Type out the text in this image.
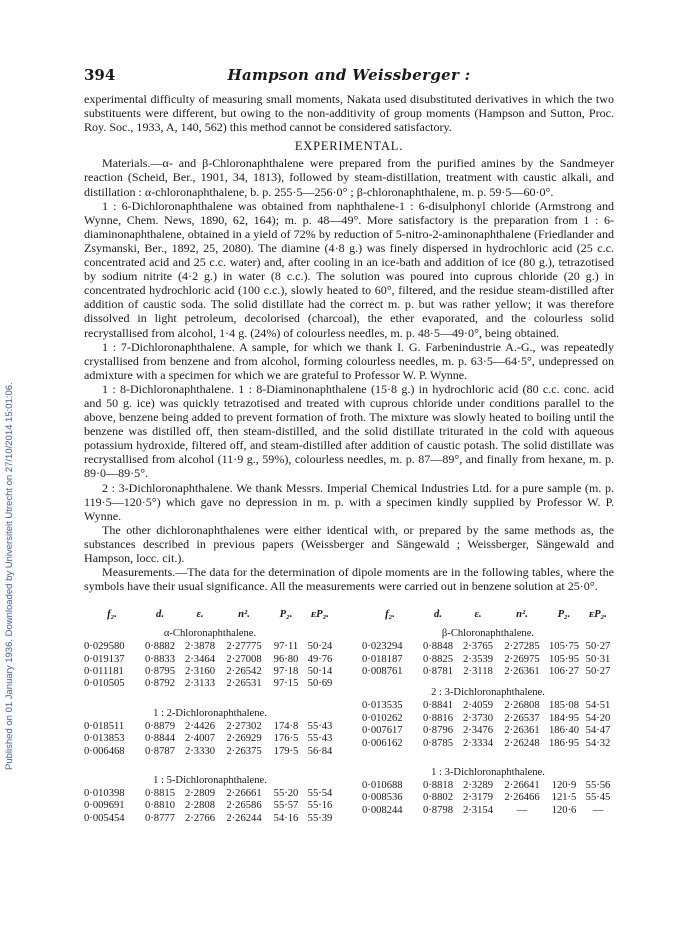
Published on 01 January 1936. Downloaded by Universiteit Utrecht on 27/10/2014 15:01:06.
394	Hampson and Weissberger :

experimental difficulty of measuring small moments, Nakata used disubstituted derivatives in which the two substituents were different, but owing to the non-additivity of group moments (Hampson and Sutton, Proc. Roy. Soc., 1933, A, 140, 562) this method cannot be considered satisfactory.

EXPERIMENTAL.

Materials.—α- and β-Chloronaphthalene were prepared from the purified amines by the Sandmeyer reaction (Scheid, Ber., 1901, 34, 1813), followed by steam-distillation, treatment with caustic alkali, and distillation : α-chloronaphthalene, b. p. 255·5—256·0° ; β-chloronaphthalene, m. p. 59·5—60·0°.

1 : 6-Dichloronaphthalene was obtained from naphthalene-1 : 6-disulphonyl chloride (Armstrong and Wynne, Chem. News, 1890, 62, 164); m. p. 48—49°. More satisfactory is the preparation from 1 : 6-diaminonaphthalene, obtained in a yield of 72% by reduction of 5-nitro-2-aminonaphthalene (Friedlander and Zsymanski, Ber., 1892, 25, 2080). The diamine (4·8 g.) was finely dispersed in hydrochloric acid (25 c.c. concentrated acid and 25 c.c. water) and, after cooling in an ice-bath and addition of ice (80 g.), tetrazotised by sodium nitrite (4·2 g.) in water (8 c.c.). The solution was poured into cuprous chloride (20 g.) in concentrated hydrochloric acid (100 c.c.), slowly heated to 60°, filtered, and the residue steam-distilled after addition of caustic soda. The solid distillate had the correct m. p. but was rather yellow; it was therefore dissolved in light petroleum, decolorised (charcoal), the ether evaporated, and the colourless solid recrystallised from alcohol, 1·4 g. (24%) of colourless needles, m. p. 48·5—49·0°, being obtained.

1 : 7-Dichloronaphthalene. A sample, for which we thank I. G. Farbenindustrie A.-G., was repeatedly crystallised from benzene and from alcohol, forming colourless needles, m. p. 63·5—64·5°, undepressed on admixture with a specimen for which we are grateful to Professor W. P. Wynne.

1 : 8-Dichloronaphthalene. 1 : 8-Diaminonaphthalene (15·8 g.) in hydrochloric acid (80 c.c. conc. acid and 50 g. ice) was quickly tetrazotised and treated with cuprous chloride under conditions parallel to the above, benzene being added to prevent formation of froth. The mixture was slowly heated to boiling until the benzene was distilled off, then steam-distilled, and the solid distillate triturated in the cold with aqueous potassium hydroxide, filtered off, and steam-distilled after addition of caustic potash. The solid distillate was recrystallised from alcohol (11·9 g., 59%), colourless needles, m. p. 87—89°, and finally from hexane, m. p. 89·0—89·5°.

2 : 3-Dichloronaphthalene. We thank Messrs. Imperial Chemical Industries Ltd. for a pure sample (m. p. 119·5—120·5°) which gave no depression in m. p. with a specimen kindly supplied by Professor W. P. Wynne.

The other dichloronaphthalenes were either identical with, or prepared by the same methods as, the substances described in previous papers (Weissberger and Sängewald ; Weissberger, Sängewald and Hampson, locc. cit.).

Measurements.—The data for the determination of dipole moments are in the following tables, where the symbols have their usual significance. All the measurements were carried out in benzene solution at 25·0°.

f₂.	d.	ε.	n².	P₂.	ᴇP₂.
α-Chloronaphthalene.
0·029580	0·8882 2·3878	2·27775	97·11 50·24
0·019137	0·8833 2·3464	2·27008	96·80 49·76
0·011181	0·8795 2·3160	2·26542	97·18 50·14
0·010505	0·8792 2·3133	2·26531	97·15 50·69
1 : 2-Dichloronaphthalene.
0·018511	0·8879 2·4426	2·27302	174·8 55·43
0·013853	0·8844 2·4007	2·26929	176·5 55·43
0·006468	0·8787 2·3330	2·26375	179·5 56·84
1 : 5-Dichloronaphthalene.
0·010398	0·8815 2·2809	2·26661	55·20 55·54
0·009691	0·8810 2·2808	2·26586	55·57 55·16
0·005454	0·8777 2·2766	2·26244	54·16 55·39
f₂.	d.	ε.	n².	P₂.	ᴇP₂.
β-Chloronaphthalene.
0·023294	0·8848 2·3765	2·27285 105·75 50·27
0·018187	0·8825 2·3539	2·26975 105·95 50·31
0·008761	0·8781 2·3118	2·26361 106·27 50·27
2 : 3-Dichloronaphthalene.
0·013535	0·8841 2·4059	2·26808 185·08 54·51
0·010262	0·8816 2·3730	2·26537 184·95 54·20
0·007617	0·8796 2·3476	2·26361 186·40 54·47
0·006162	0·8785 2·3334	2·26248 186·95 54·32
1 : 3-Dichloronaphthalene.
0·010688	0·8818 2·3289	2·26641	120·9 55·56
0·008536	0·8802 2·3179	2·26466	121·5 55·45
0·008244	0·8798 2·3154	—	120·6	—
